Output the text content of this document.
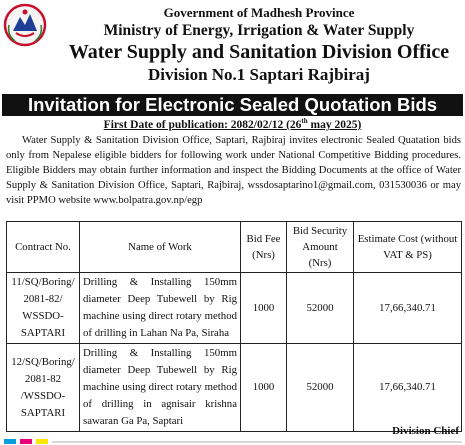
Government of Madhesh Province
Ministry of Energy, Irrigation & Water Supply
Water Supply and Sanitation Division Office
Division No.1 Saptari Rajbiraj
Invitation for Electronic Sealed Quotation Bids
First Date of publication: 2082/02/12 (26th may 2025)
Water Supply & Sanitation Division Office, Saptari, Rajbiraj invites electronic Sealed Quatation bids only from Nepalese eligible bidders for following work under National Competitive Bidding procedures. Eligible Bidders may obtain further information and inspect the Bidding Documents at the office of Water Supply & Sanitation Division Office, Saptari, Rajbiraj, wssdosaptarino1@gmail.com, 031530036 or may visit PPMO website www.bolpatra.gov.np/egp
Contract No.	Name of Work	Bid Fee (Nrs)	Bid Security Amount (Nrs)	Estimate Cost (without VAT & PS)
11/SQ/Boring/ 2081-82/ WSSDO- SAPTARI	Drilling & Installing 150mm diameter Deep Tubewell by Rig machine using direct rotary method of drilling in Lahan Na Pa, Siraha	1000	52000	17,66,340.71
12/SQ/Boring/ 2081-82 /WSSDO- SAPTARI	Drilling & Installing 150mm diameter Deep Tubewell by Rig machine using direct rotary method of drilling in agnisair krishna sawaran Ga Pa, Saptari	1000	52000	17,66,340.71
Division Chief
